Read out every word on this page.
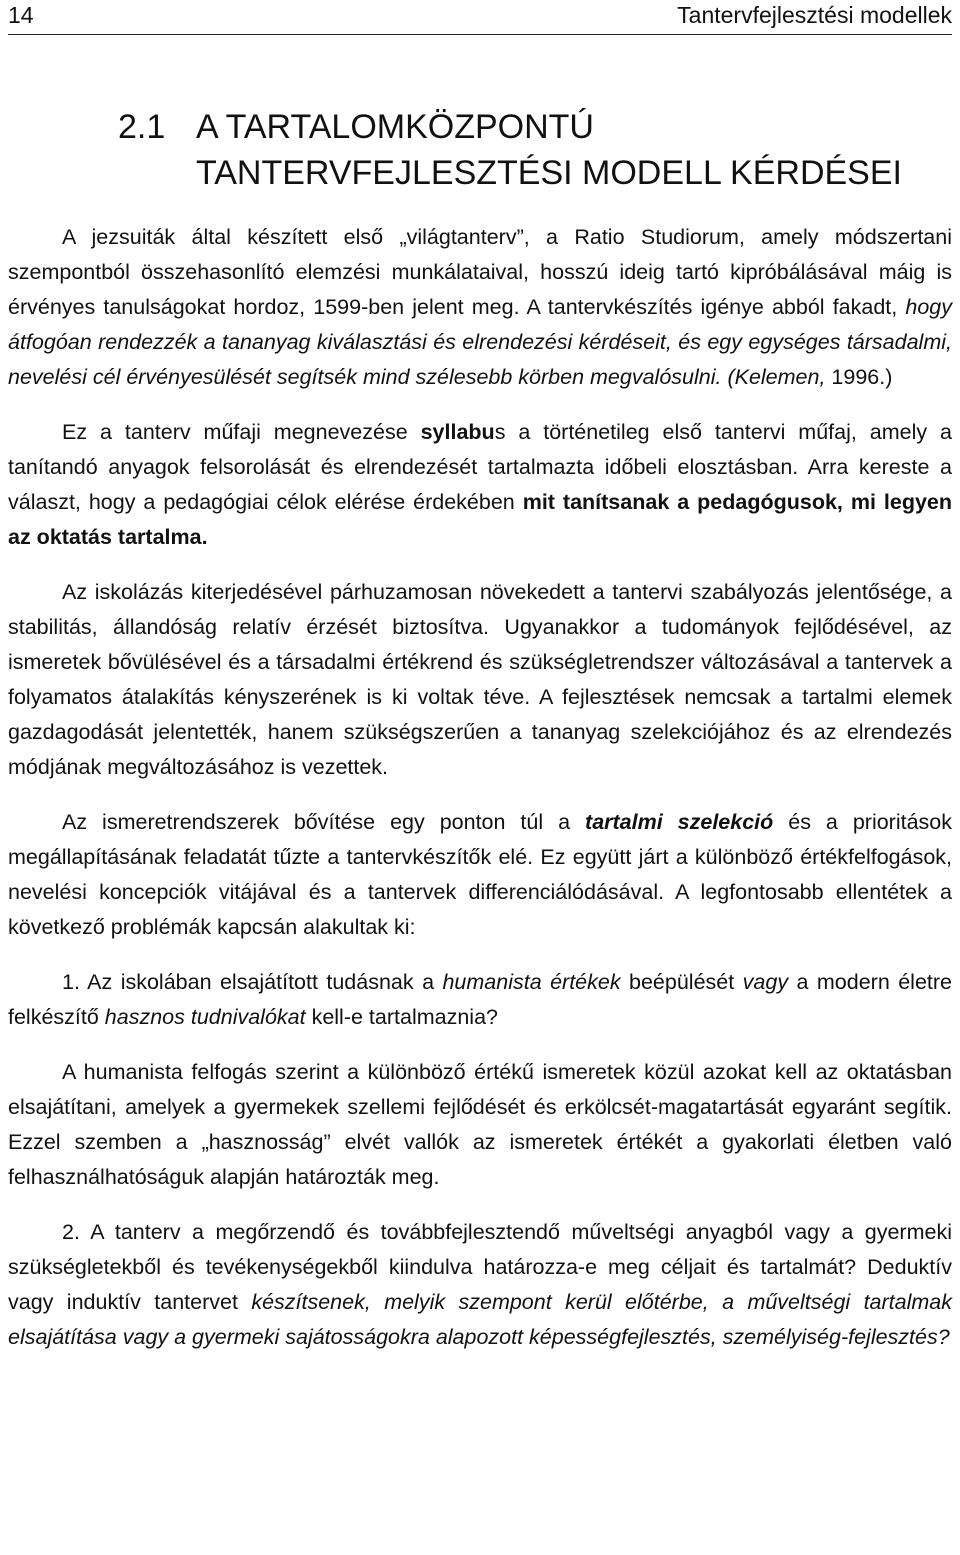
14	Tantervfejlesztési modellek
2.1 A TARTALOMKÖZPONTÚ
TANTERVFEJLESZTÉSI MODELL KÉRDÉSEI

A jezsuiták által készített első „világtanterv”, a Ratio Studiorum, amely módszertani szempontból összehasonlító elemzési munkálataival, hosszú ideig tartó kipróbálásával máig is érvényes tanulságokat hordoz, 1599-ben jelent meg. A tantervkészítés igénye abból fakadt, hogy átfogóan rendezzék a tananyag kiválasztási és elrendezési kérdéseit, és egy egységes társadalmi, nevelési cél érvényesülését segítsék mind szélesebb körben megvalósulni. (Kelemen, 1996.)

Ez a tanterv műfaji megnevezése syllabus a történetileg első tantervi műfaj, amely a tanítandó anyagok felsorolását és elrendezését tartalmazta időbeli elosztásban. Arra kereste a választ, hogy a pedagógiai célok elérése érdekében mit tanítsanak a pedagógusok, mi legyen az oktatás tartalma.

Az iskolázás kiterjedésével párhuzamosan növekedett a tantervi szabályozás jelentősége, a stabilitás, állandóság relatív érzését biztosítva. Ugyanakkor a tudományok fejlődésével, az ismeretek bővülésével és a társadalmi értékrend és szükségletrendszer változásával a tantervek a folyamatos átalakítás kényszerének is ki voltak téve. A fejlesztések nemcsak a tartalmi elemek gazdagodását jelentették, hanem szükségszerűen a tananyag szelekciójához és az elrendezés módjának megváltozásához is vezettek.

Az ismeretrendszerek bővítése egy ponton túl a tartalmi szelekció és a prioritások megállapításának feladatát tűzte a tantervkészítők elé. Ez együtt járt a különböző értékfelfogások, nevelési koncepciók vitájával és a tantervek differenciálódásával. A legfontosabb ellentétek a következő problémák kapcsán alakultak ki:

1. Az iskolában elsajátított tudásnak a humanista értékek beépülését vagy a modern életre felkészítő hasznos tudnivalókat kell-e tartalmaznia?

A humanista felfogás szerint a különböző értékű ismeretek közül azokat kell az oktatásban elsajátítani, amelyek a gyermekek szellemi fejlődését és erkölcsét-magatartását egyaránt segítik. Ezzel szemben a „hasznosság” elvét vallók az ismeretek értékét a gyakorlati életben való felhasználhatóságuk alapján határozták meg.

2. A tanterv a megőrzendő és továbbfejlesztendő műveltségi anyagból vagy a gyermeki szükségletekből és tevékenységekből kiindulva határozza-e meg céljait és tartalmát? Deduktív vagy induktív tantervet készítsenek, melyik szempont kerül előtérbe, a műveltségi tartalmak elsajátítása vagy a gyermeki sajátosságokra alapozott képességfejlesztés, személyiség-fejlesztés?
